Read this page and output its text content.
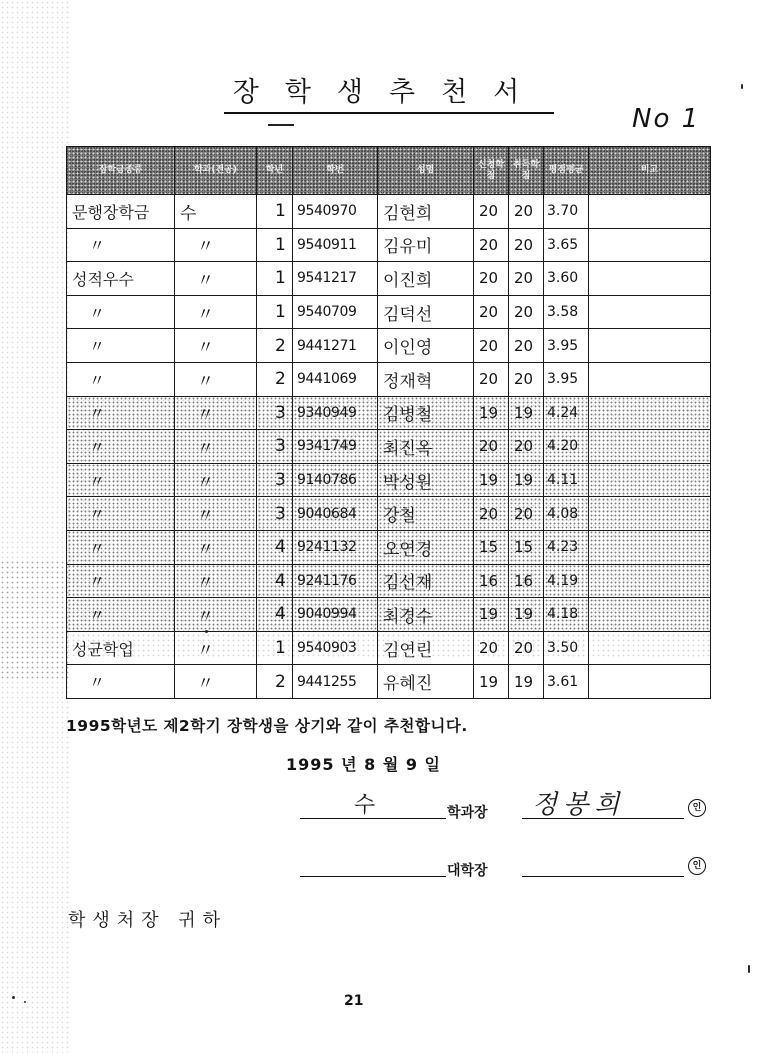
장학생추천서
No 1
장학금종류	학과(전공)	학년	학번	성명	신청학점	취득학점	평점평균	비고
문행장학금	수	1	9540970	김현희	20	20	3.70	
〃	〃	1	9540911	김유미	20	20	3.65	
성적우수	〃	1	9541217	이진희	20	20	3.60	
〃	〃	1	9540709	김덕선	20	20	3.58	
〃	〃	2	9441271	이인영	20	20	3.95	
〃	〃	2	9441069	정재혁	20	20	3.95	
〃	〃	3	9340949	김병철	19	19	4.24	
〃	〃	3	9341749	최진옥	20	20	4.20	
〃	〃	3	9140786	박성원	19	19	4.11	
〃	〃	3	9040684	강철	20	20	4.08	
〃	〃	4	9241132	오연경	15	15	4.23	
〃	〃	4	9241176	김선재	16	16	4.19	
〃	〃	4	9040994	최경수	19	19	4.18	
성균학업	〃	1	9540903	김연린	20	20	3.50	
〃	〃	2	9441255	유혜진	19	19	3.61	
1995학년도 제2학기 장학생을 상기와 같이 추천합니다.
1995 년 8 월 9 일
수	학과장 정봉희	인
대학장	인
학생처장 귀하
21
